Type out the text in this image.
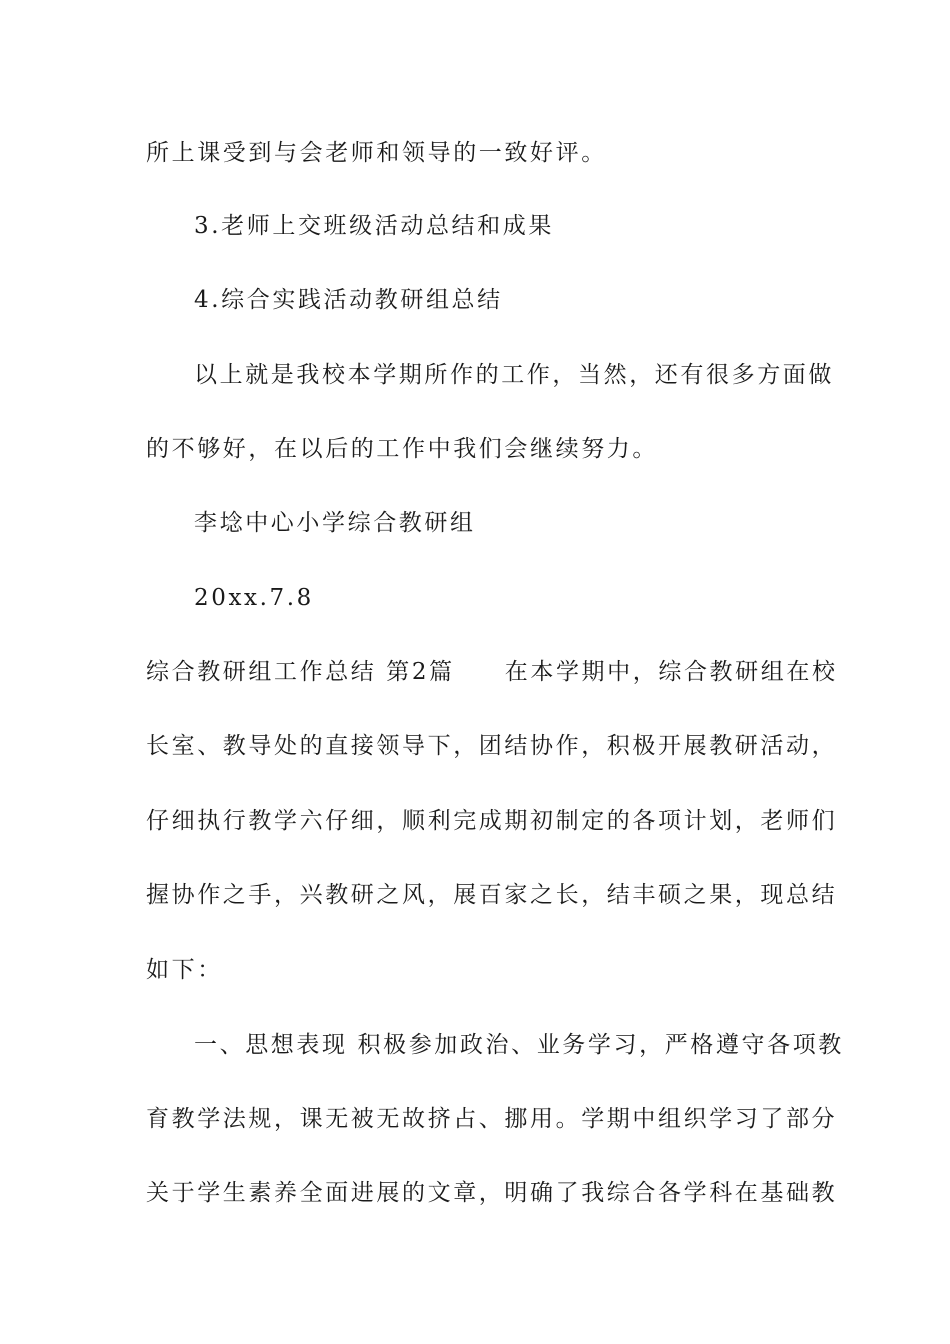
所上课受到与会老师和领导的一致好评。
3.老师上交班级活动总结和成果
4.综合实践活动教研组总结
以上就是我校本学期所作的工作，当然，还有很多方面做
的不够好，在以后的工作中我们会继续努力。
李埝中心小学综合教研组
20xx.7.8
综合教研组工作总结 第2篇 在本学期中，综合教研组在校
长室、教导处的直接领导下，团结协作，积极开展教研活动，
仔细执行教学六仔细，顺利完成期初制定的各项计划，老师们
握协作之手，兴教研之风，展百家之长，结丰硕之果，现总结
如下：
一、思想表现 积极参加政治、业务学习，严格遵守各项教
育教学法规，课无被无故挤占、挪用。学期中组织学习了部分
关于学生素养全面进展的文章，明确了我综合各学科在基础教
